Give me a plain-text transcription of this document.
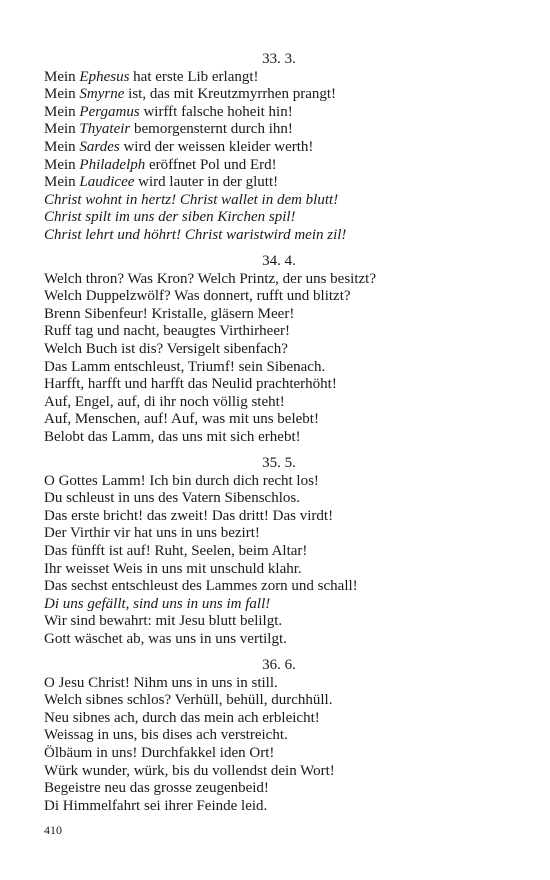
33. 3.
Mein Ephesus hat erste Lib erlangt!
Mein Smyrne ist, das mit Kreutzmyrrhen prangt!
Mein Pergamus wirfft falsche hoheit hin!
Mein Thyateir bemorgensternt durch ihn!
Mein Sardes wird der weissen kleider werth!
Mein Philadelph eröffnet Pol und Erd!
Mein Laudicee wird lauter in der glutt!
Christ wohnt in hertz! Christ wallet in dem blutt!
Christ spilt im uns der siben Kirchen spil!
Christ lehrt und höhrt! Christ waristwird mein zil!
34. 4.
Welch thron? Was Kron? Welch Printz, der uns besitzt?
Welch Duppelzwölf? Was donnert, rufft und blitzt?
Brenn Sibenfeur! Kristalle, gläsern Meer!
Ruff tag und nacht, beaugtes Virthirheer!
Welch Buch ist dis? Versigelt sibenfach?
Das Lamm entschleust, Triumf! sein Sibenach.
Harfft, harfft und harfft das Neulid prachterhöht!
Auf, Engel, auf, di ihr noch völlig steht!
Auf, Menschen, auf! Auf, was mit uns belebt!
Belobt das Lamm, das uns mit sich erhebt!
35. 5.
O Gottes Lamm! Ich bin durch dich recht los!
Du schleust in uns des Vatern Sibenschlos.
Das erste bricht! das zweit! Das dritt! Das virdt!
Der Virthir vir hat uns in uns bezirt!
Das fünfft ist auf! Ruht, Seelen, beim Altar!
Ihr weisset Weis in uns mit unschuld klahr.
Das sechst entschleust des Lammes zorn und schall!
Di uns gefällt, sind uns in uns im fall!
Wir sind bewahrt: mit Jesu blutt belilgt.
Gott wäschet ab, was uns in uns vertilgt.
36. 6.
O Jesu Christ! Nihm uns in uns in still.
Welch sibnes schlos? Verhüll, behüll, durchhüll.
Neu sibnes ach, durch das mein ach erbleicht!
Weissag in uns, bis dises ach verstreicht.
Ölbäum in uns! Durchfakkel iden Ort!
Würk wunder, würk, bis du vollendst dein Wort!
Begeistre neu das grosse zeugenbeid!
Di Himmelfahrt sei ihrer Feinde leid.
410
